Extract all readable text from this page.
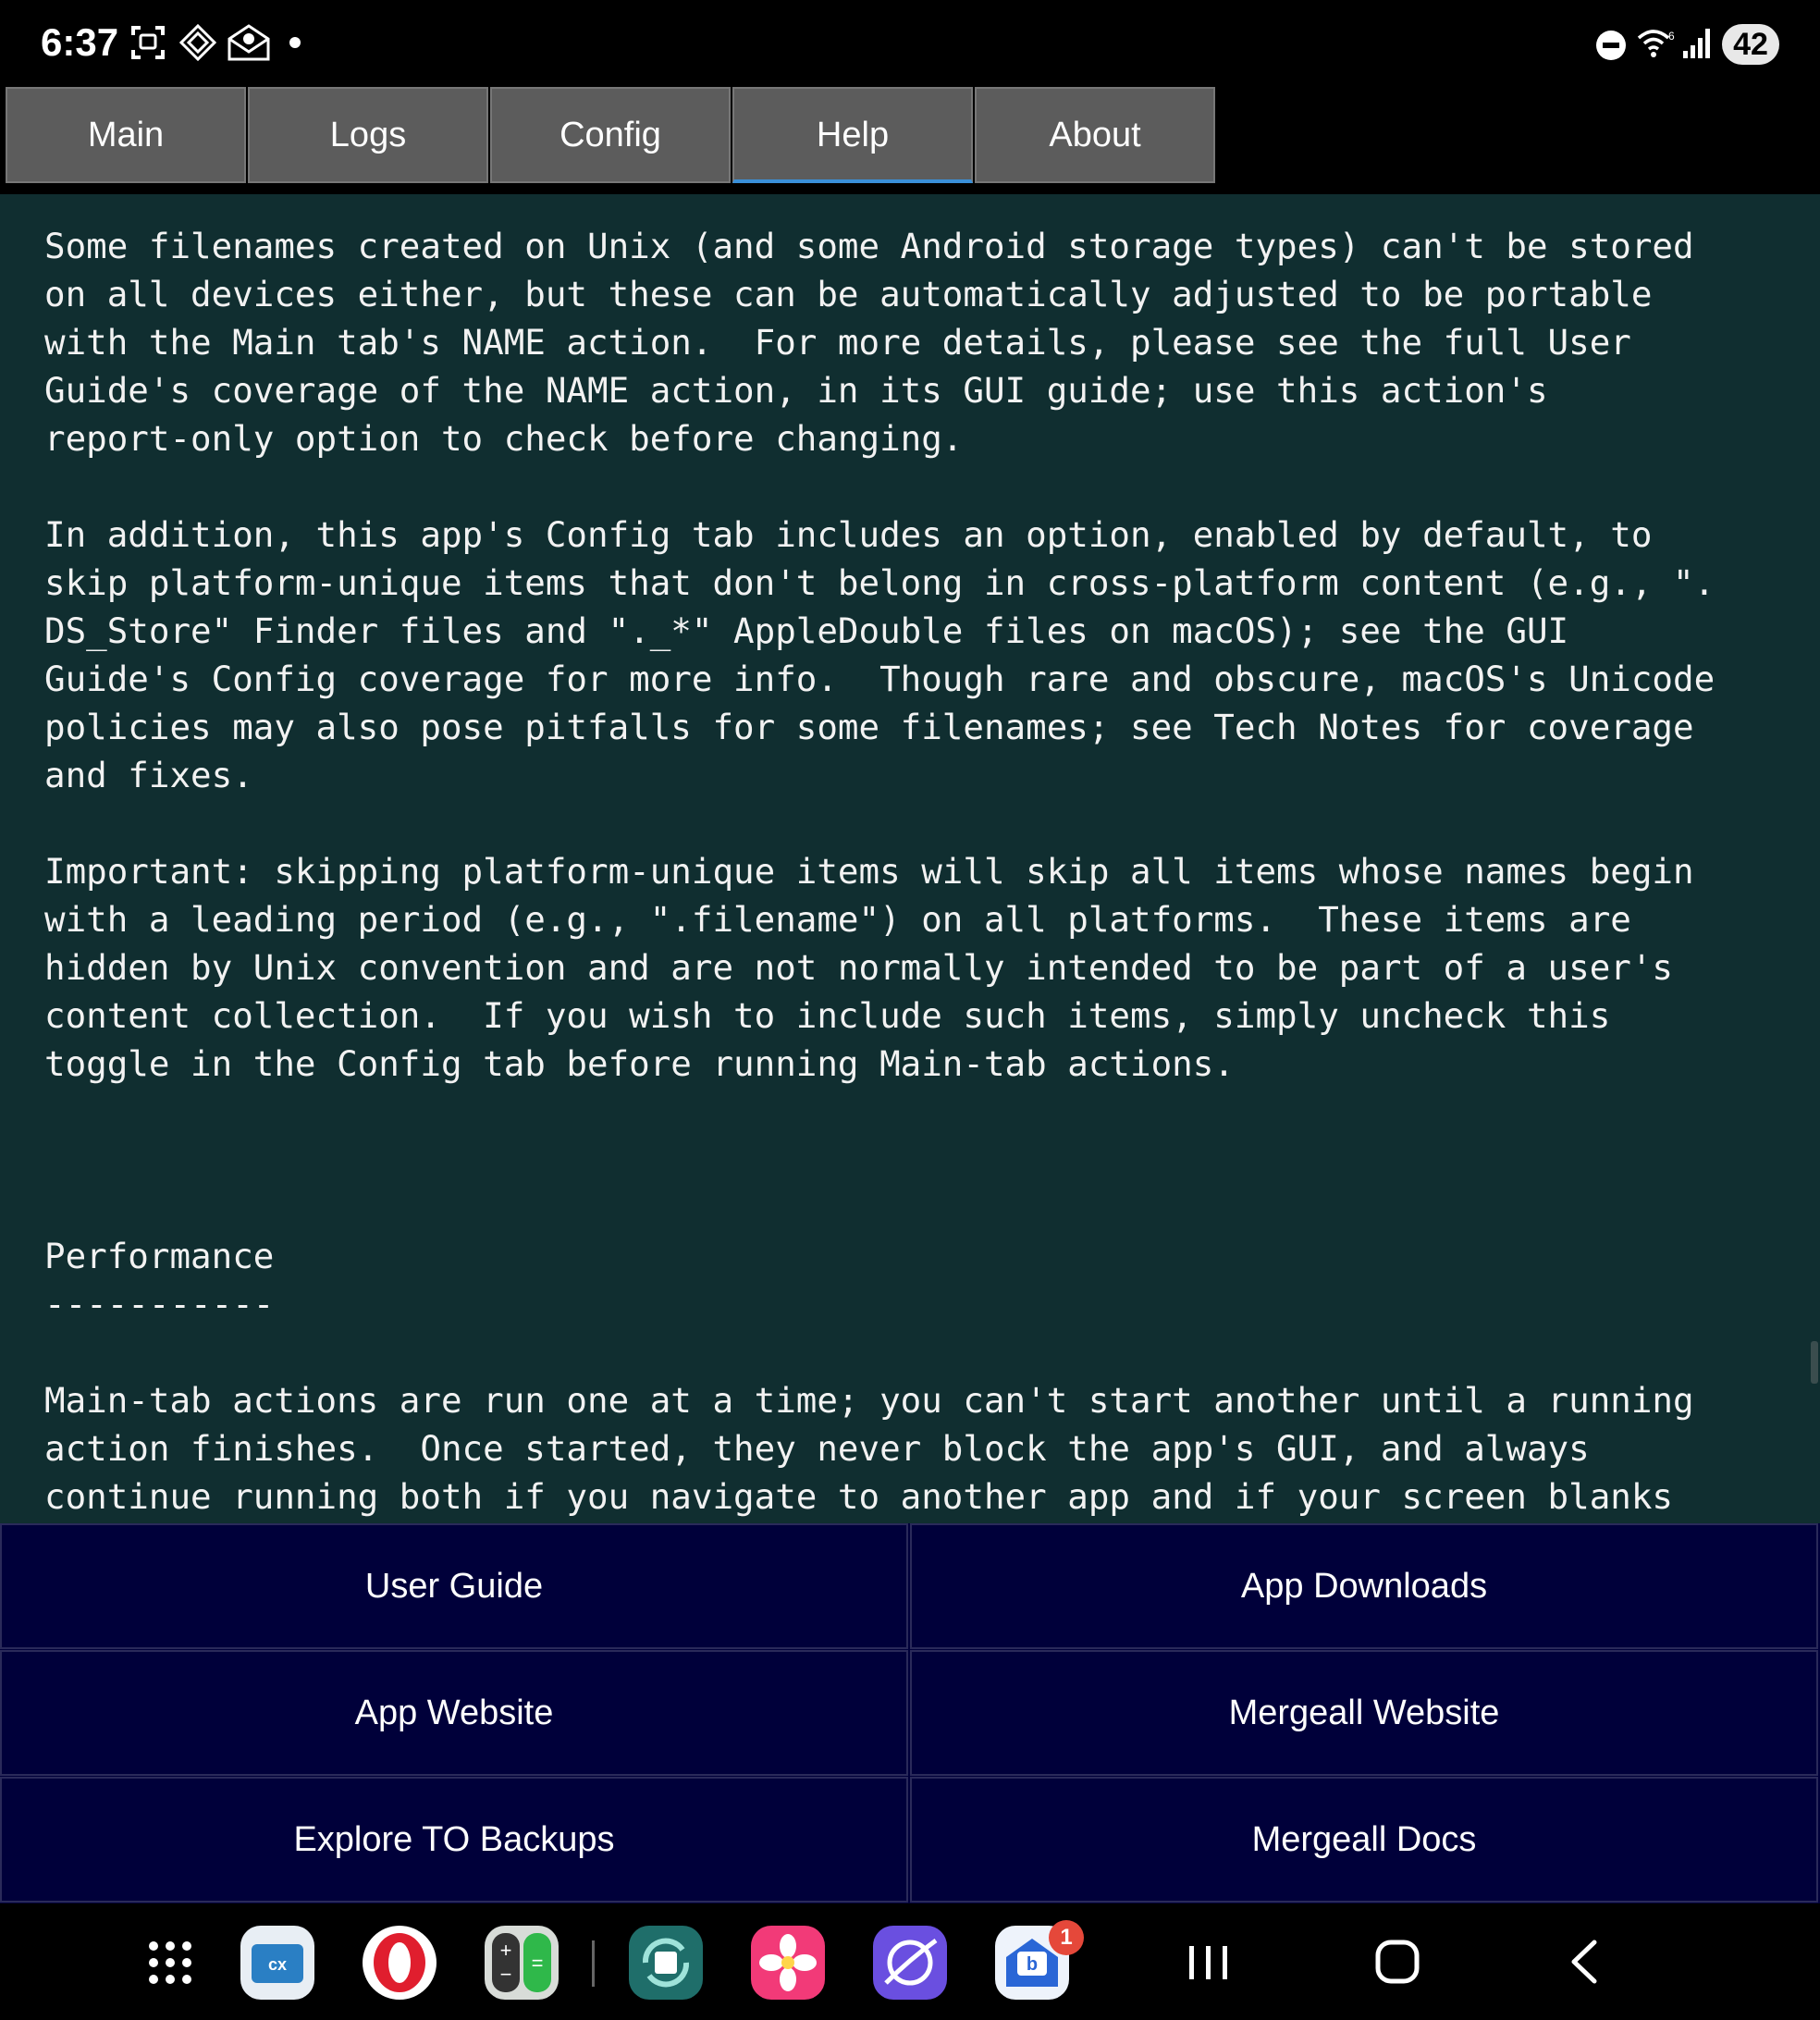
6:37	6	42
Main	Logs	Config	Help	About
Some filenames created on Unix (and some Android storage types) can't be stored
on all devices either, but these can be automatically adjusted to be portable
with the Main tab's NAME action.  For more details, please see the full User
Guide's coverage of the NAME action, in its GUI guide; use this action's
report-only option to check before changing.

In addition, this app's Config tab includes an option, enabled by default, to
skip platform-unique items that don't belong in cross-platform content (e.g., ".
DS_Store" Finder files and "._*" AppleDouble files on macOS); see the GUI
Guide's Config coverage for more info.  Though rare and obscure, macOS's Unicode
policies may also pose pitfalls for some filenames; see Tech Notes for coverage
and fixes.

Important: skipping platform-unique items will skip all items whose names begin
with a leading period (e.g., ".filename") on all platforms.  These items are
hidden by Unix convention and are not normally intended to be part of a user's
content collection.  If you wish to include such items, simply uncheck this
toggle in the Config tab before running Main-tab actions.

Performance
-----------

Main-tab actions are run one at a time; you can't start another until a running
action finishes.  Once started, they never block the app's GUI, and always
continue running both if you navigate to another app and if your screen blanks
User Guide	App Downloads
App Website	Mergeall Website
Explore TO Backups	Mergeall Docs
cx
+
− =	b
1
